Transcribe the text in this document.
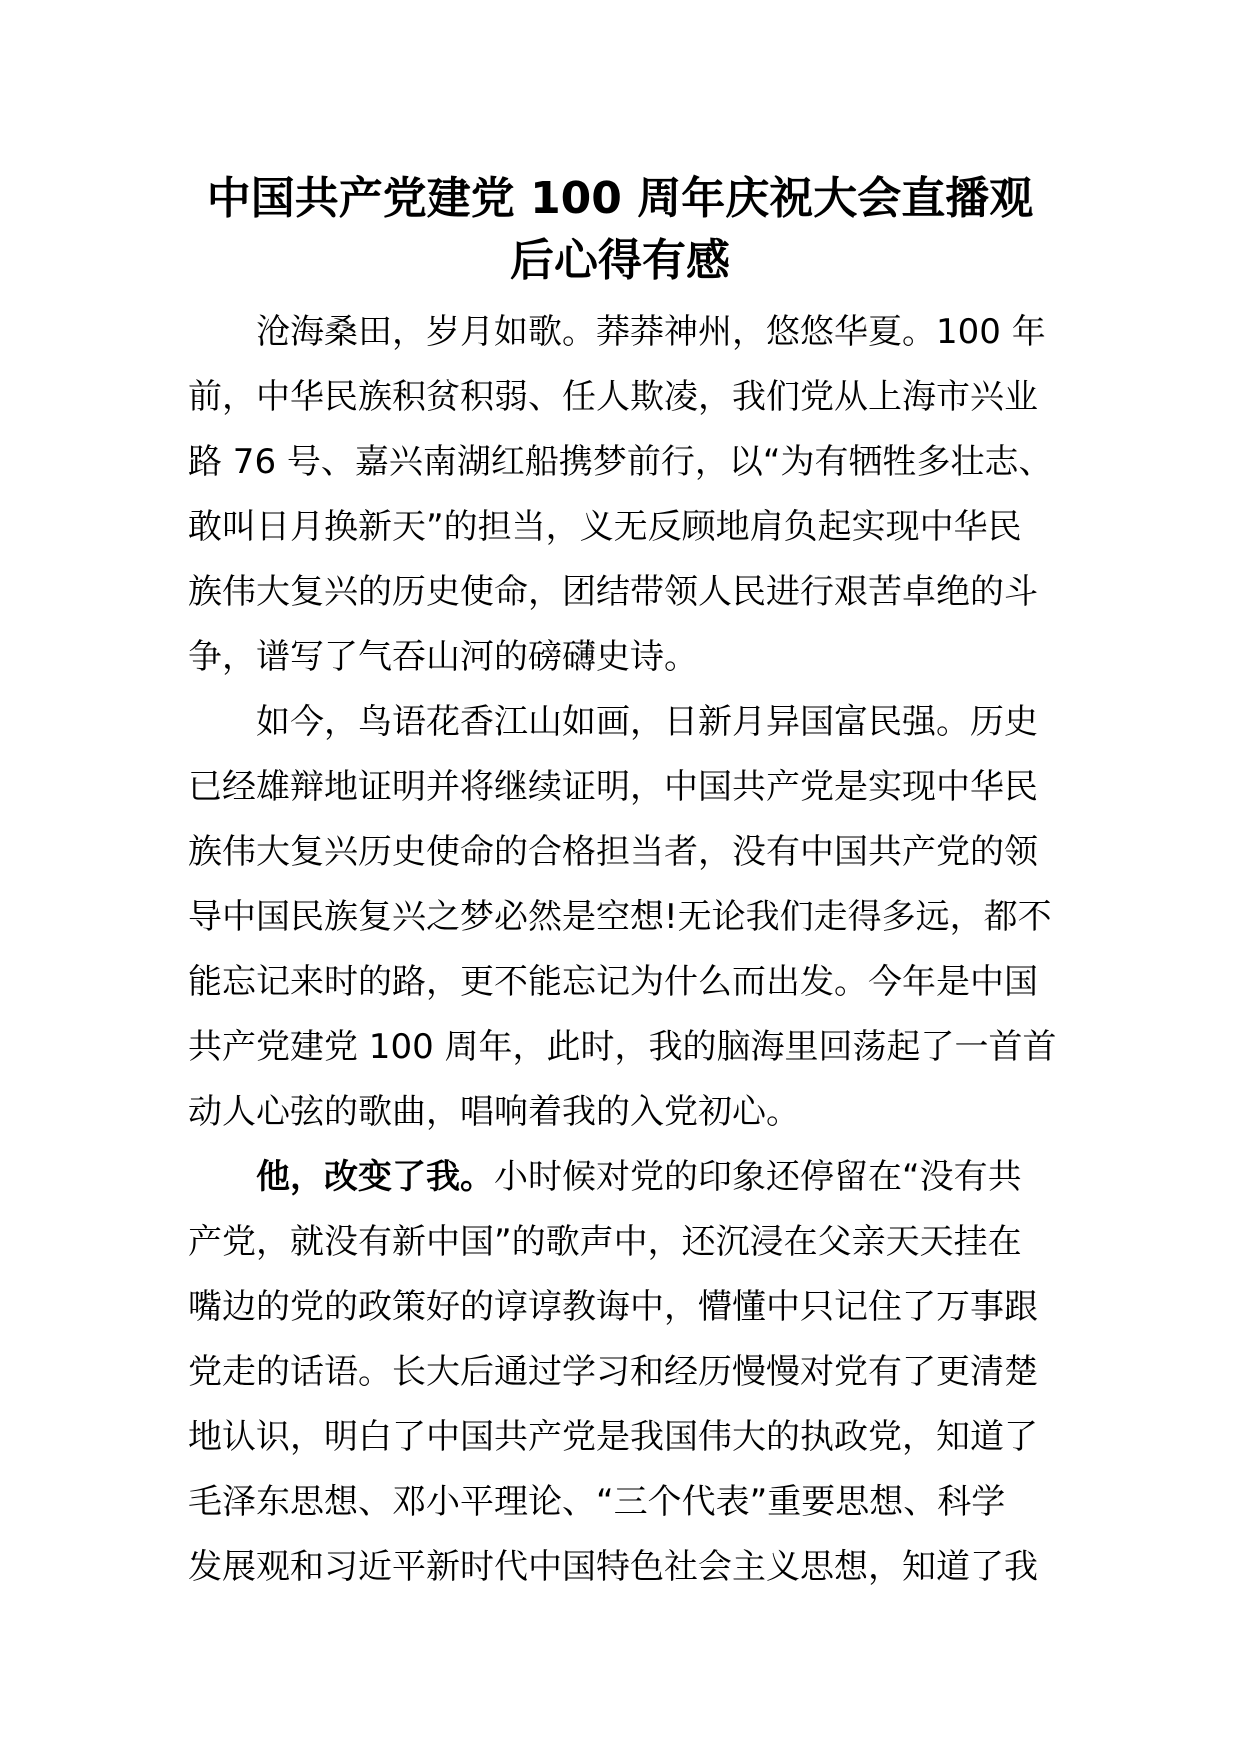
中国共产党建党 100 周年庆祝大会直播观
后心得有感
沧海桑田，岁月如歌。莽莽神州，悠悠华夏。100 年
前，中华民族积贫积弱、任人欺凌，我们党从上海市兴业
路 76 号、嘉兴南湖红船携梦前行，以“为有牺牲多壮志、
敢叫日月换新天”的担当，义无反顾地肩负起实现中华民
族伟大复兴的历史使命，团结带领人民进行艰苦卓绝的斗
争，谱写了气吞山河的磅礴史诗。
如今，鸟语花香江山如画，日新月异国富民强。历史
已经雄辩地证明并将继续证明，中国共产党是实现中华民
族伟大复兴历史使命的合格担当者，没有中国共产党的领
导中国民族复兴之梦必然是空想!无论我们走得多远，都不
能忘记来时的路，更不能忘记为什么而出发。今年是中国
共产党建党 100 周年，此时，我的脑海里回荡起了一首首
动人心弦的歌曲，唱响着我的入党初心。
他，改变了我。小时候对党的印象还停留在“没有共
产党，就没有新中国”的歌声中，还沉浸在父亲天天挂在
嘴边的党的政策好的谆谆教诲中，懵懂中只记住了万事跟
党走的话语。长大后通过学习和经历慢慢对党有了更清楚
地认识，明白了中国共产党是我国伟大的执政党，知道了
毛泽东思想、邓小平理论、“三个代表”重要思想、科学
发展观和习近平新时代中国特色社会主义思想，知道了我
